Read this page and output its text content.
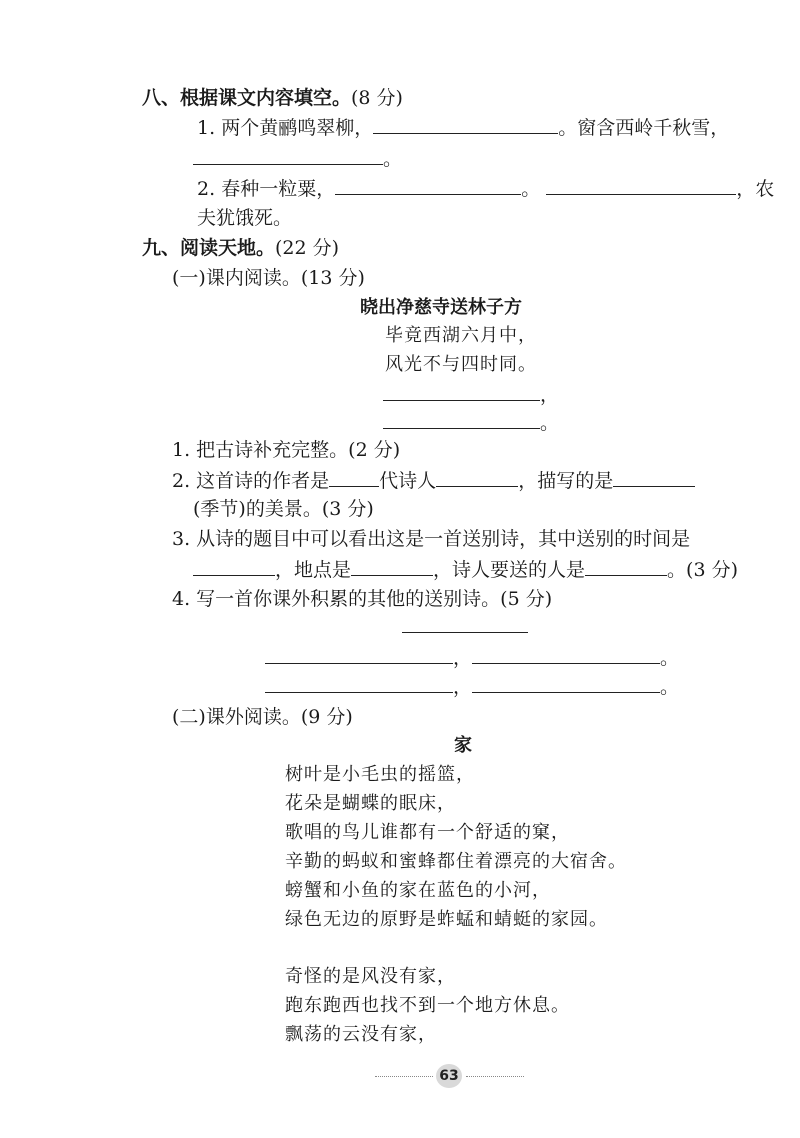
八、根据课文内容填空。(8 分)
1. 两个黄鹂鸣翠柳，	。窗含西岭千秋雪，
。
2. 春种一粒粟，	。	，农
夫犹饿死。
九、阅读天地。(22 分)
(一)课内阅读。(13 分)
晓出净慈寺送林子方
毕竟西湖六月中，
风光不与四时同。
，
。
1. 把古诗补充完整。(2 分)
2. 这首诗的作者是	代诗人	，描写的是
(季节)的美景。(3 分)
3. 从诗的题目中可以看出这是一首送别诗，其中送别的时间是
，地点是	，诗人要送的人是	。(3 分)
4. 写一首你课外积累的其他的送别诗。(5 分)
，	。
，	。
(二)课外阅读。(9 分)
家
树叶是小毛虫的摇篮，
花朵是蝴蝶的眠床，
歌唱的鸟儿谁都有一个舒适的窠，
辛勤的蚂蚁和蜜蜂都住着漂亮的大宿舍。
螃蟹和小鱼的家在蓝色的小河，
绿色无边的原野是蚱蜢和蜻蜓的家园。
奇怪的是风没有家，
跑东跑西也找不到一个地方休息。
飘荡的云没有家，
63
